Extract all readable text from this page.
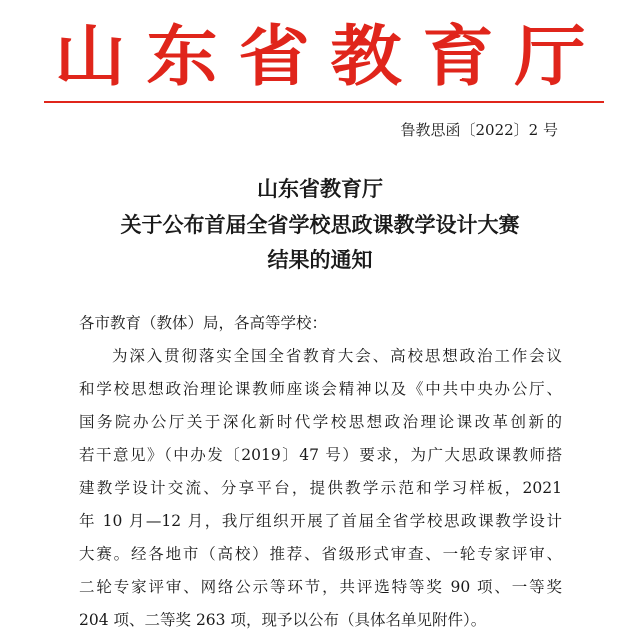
山 东 省 教 育 厅
鲁教思函〔2022〕2 号
山东省教育厅
关于公布首届全省学校思政课教学设计大赛
结果的通知
各市教育（教体）局，各高等学校：
为深入贯彻落实全国全省教育大会、高校思想政治工作会议
和学校思想政治理论课教师座谈会精神以及《中共中央办公厅、
国务院办公厅关于深化新时代学校思想政治理论课改革创新的
若干意见》（中办发〔2019〕47 号）要求，为广大思政课教师搭
建教学设计交流、分享平台，提供教学示范和学习样板，2021
年 10 月—12 月，我厅组织开展了首届全省学校思政课教学设计
大赛。经各地市（高校）推荐、省级形式审查、一轮专家评审、
二轮专家评审、网络公示等环节，共评选特等奖 90 项、一等奖
204 项、二等奖 263 项，现予以公布（具体名单见附件）。
